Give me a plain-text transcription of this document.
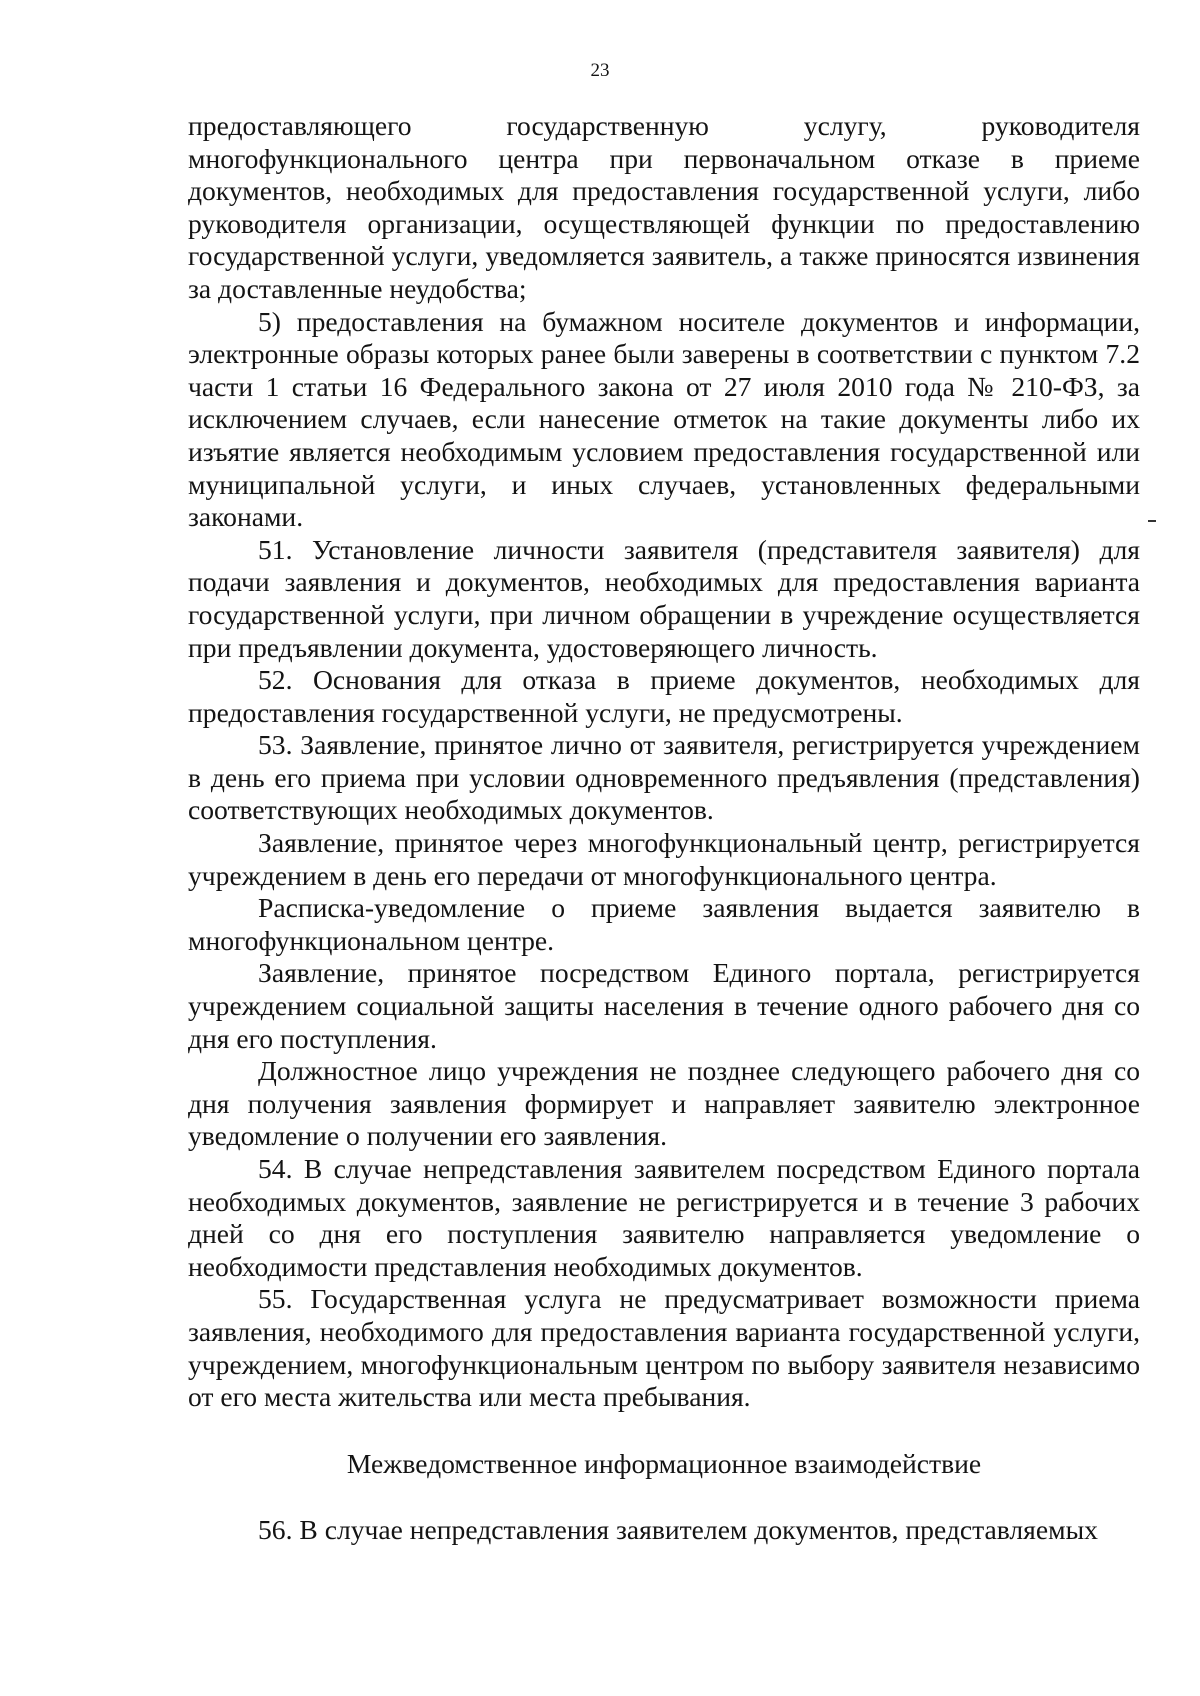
23

предоставляющего государственную услугу, руководителя многофункционального центра при первоначальном отказе в приеме документов, необходимых для предоставления государственной услуги, либо руководителя организации, осуществляющей функции по предоставлению государственной услуги, уведомляется заявитель, а также приносятся извинения за доставленные неудобства;

5) предоставления на бумажном носителе документов и информации, электронные образы которых ранее были заверены в соответствии с пунктом 7.2 части 1 статьи 16 Федерального закона от 27 июля 2010 года № 210-ФЗ, за исключением случаев, если нанесение отметок на такие документы либо их изъятие является необходимым условием предоставления государственной или муниципальной услуги, и иных случаев, установленных федеральными законами.

51. Установление личности заявителя (представителя заявителя) для подачи заявления и документов, необходимых для предоставления варианта государственной услуги, при личном обращении в учреждение осуществляется при предъявлении документа, удостоверяющего личность.

52. Основания для отказа в приеме документов, необходимых для предоставления государственной услуги, не предусмотрены.

53. Заявление, принятое лично от заявителя, регистрируется учреждением в день его приема при условии одновременного предъявления (представления) соответствующих необходимых документов.

Заявление, принятое через многофункциональный центр, регистрируется учреждением в день его передачи от многофункционального центра.

Расписка-уведомление о приеме заявления выдается заявителю в многофункциональном центре.

Заявление, принятое посредством Единого портала, регистрируется учреждением социальной защиты населения в течение одного рабочего дня со дня его поступления.

Должностное лицо учреждения не позднее следующего рабочего дня со дня получения заявления формирует и направляет заявителю электронное уведомление о получении его заявления.

54. В случае непредставления заявителем посредством Единого портала необходимых документов, заявление не регистрируется и в течение 3 рабочих дней со дня его поступления заявителю направляется уведомление о необходимости представления необходимых документов.

55. Государственная услуга не предусматривает возможности приема заявления, необходимого для предоставления варианта государственной услуги, учреждением, многофункциональным центром по выбору заявителя независимо от его места жительства или места пребывания.

Межведомственное информационное взаимодействие

56. В случае непредставления заявителем документов, представляемых
